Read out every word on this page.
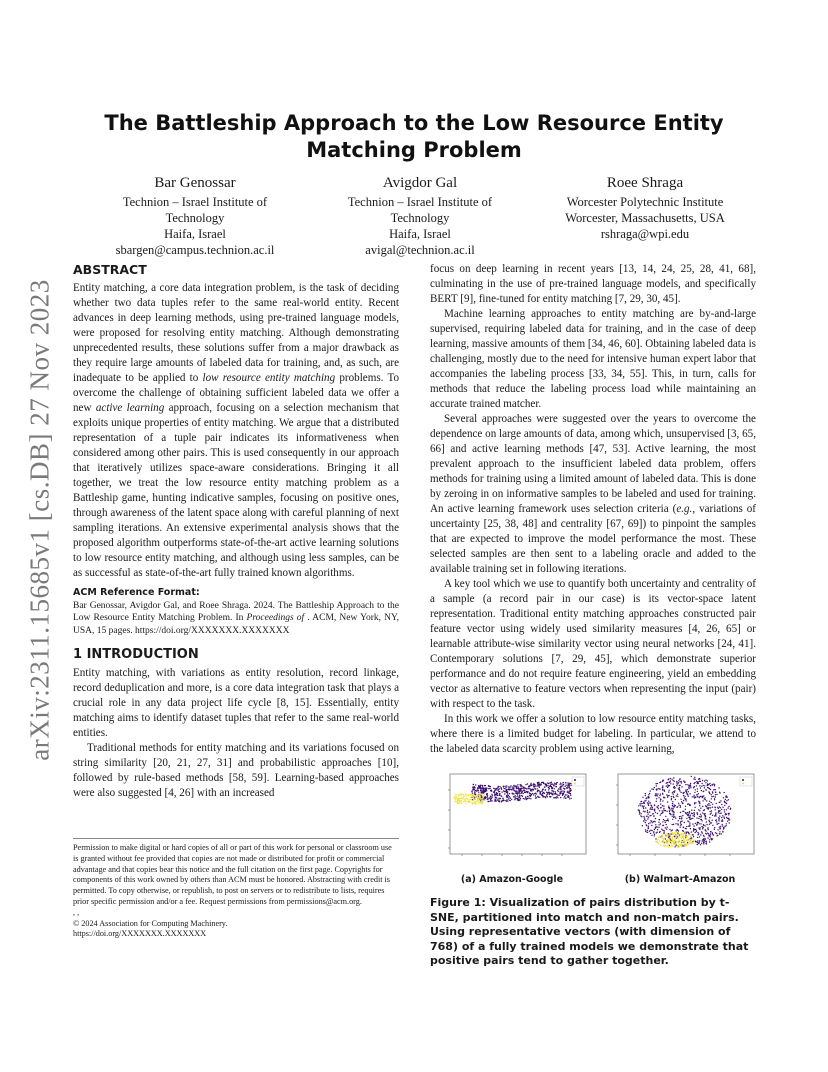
arXiv:2311.15685v1 [cs.DB] 27 Nov 2023
The Battleship Approach to the Low Resource Entity Matching Problem
Bar Genossar
Technion – Israel Institute of
Technology
Haifa, Israel
sbargen@campus.technion.ac.il
Avigdor Gal
Technion – Israel Institute of
Technology
Haifa, Israel
avigal@technion.ac.il
Roee Shraga
Worcester Polytechnic Institute
Worcester, Massachusetts, USA
rshraga@wpi.edu
ABSTRACT

Entity matching, a core data integration problem, is the task of deciding whether two data tuples refer to the same real-world entity. Recent advances in deep learning methods, using pre-trained language models, were proposed for resolving entity matching. Although demonstrating unprecedented results, these solutions suffer from a major drawback as they require large amounts of labeled data for training, and, as such, are inadequate to be applied to low resource entity matching problems. To overcome the challenge of obtaining sufficient labeled data we offer a new active learning approach, focusing on a selection mechanism that exploits unique properties of entity matching. We argue that a distributed representation of a tuple pair indicates its informativeness when considered among other pairs. This is used consequently in our approach that iteratively utilizes space-aware considerations. Bringing it all together, we treat the low resource entity matching problem as a Battleship game, hunting indicative samples, focusing on positive ones, through awareness of the latent space along with careful planning of next sampling iterations. An extensive experimental analysis shows that the proposed algorithm outperforms state-of-the-art active learning solutions to low resource entity matching, and although using less samples, can be as successful as state-of-the-art fully trained known algorithms.

ACM Reference Format:
Bar Genossar, Avigdor Gal, and Roee Shraga. 2024. The Battleship Approach to the Low Resource Entity Matching Problem. In Proceedings of . ACM, New York, NY, USA, 15 pages. https://doi.org/XXXXXXX.XXXXXXX
1 INTRODUCTION

Entity matching, with variations as entity resolution, record linkage, record deduplication and more, is a core data integration task that plays a crucial role in any data project life cycle [8, 15]. Essentially, entity matching aims to identify dataset tuples that refer to the same real-world entities.

Traditional methods for entity matching and its variations focused on string similarity [20, 21, 27, 31] and probabilistic approaches [10], followed by rule-based methods [58, 59]. Learning-based approaches were also suggested [4, 26] with an increased

Permission to make digital or hard copies of all or part of this work for personal or classroom use is granted without fee provided that copies are not made or distributed for profit or commercial advantage and that copies bear this notice and the full citation on the first page. Copyrights for components of this work owned by others than ACM must be honored. Abstracting with credit is permitted. To copy otherwise, or republish, to post on servers or to redistribute to lists, requires prior specific permission and/or a fee. Request permissions from permissions@acm.org.
, ,
© 2024 Association for Computing Machinery.
https://doi.org/XXXXXXX.XXXXXXX

focus on deep learning in recent years [13, 14, 24, 25, 28, 41, 68], culminating in the use of pre-trained language models, and specifically BERT [9], fine-tuned for entity matching [7, 29, 30, 45].

Machine learning approaches to entity matching are by-and-large supervised, requiring labeled data for training, and in the case of deep learning, massive amounts of them [34, 46, 60]. Obtaining labeled data is challenging, mostly due to the need for intensive human expert labor that accompanies the labeling process [33, 34, 55]. This, in turn, calls for methods that reduce the labeling process load while maintaining an accurate trained matcher.

Several approaches were suggested over the years to overcome the dependence on large amounts of data, among which, unsupervised [3, 65, 66] and active learning methods [47, 53]. Active learning, the most prevalent approach to the insufficient labeled data problem, offers methods for training using a limited amount of labeled data. This is done by zeroing in on informative samples to be labeled and used for training. An active learning framework uses selection criteria (e.g., variations of uncertainty [25, 38, 48] and centrality [67, 69]) to pinpoint the samples that are expected to improve the model performance the most. These selected samples are then sent to a labeling oracle and added to the available training set in following iterations.

A key tool which we use to quantify both uncertainty and centrality of a sample (a record pair in our case) is its vector-space latent representation. Traditional entity matching approaches constructed pair feature vector using widely used similarity measures [4, 26, 65] or learnable attribute-wise similarity vector using neural networks [24, 41]. Contemporary solutions [7, 29, 45], which demonstrate superior performance and do not require feature engineering, yield an embedding vector as alternative to feature vectors when representing the input (pair) with respect to the task.

In this work we offer a solution to low resource entity matching tasks, where there is a limited budget for labeling. In particular, we attend to the labeled data scarcity problem using active learning,

(a) Amazon-Google	(b) Walmart-Amazon
Figure 1: Visualization of pairs distribution by t-SNE, partitioned into match and non-match pairs. Using representative vectors (with dimension of 768) of a fully trained models we demonstrate that positive pairs tend to gather together.
